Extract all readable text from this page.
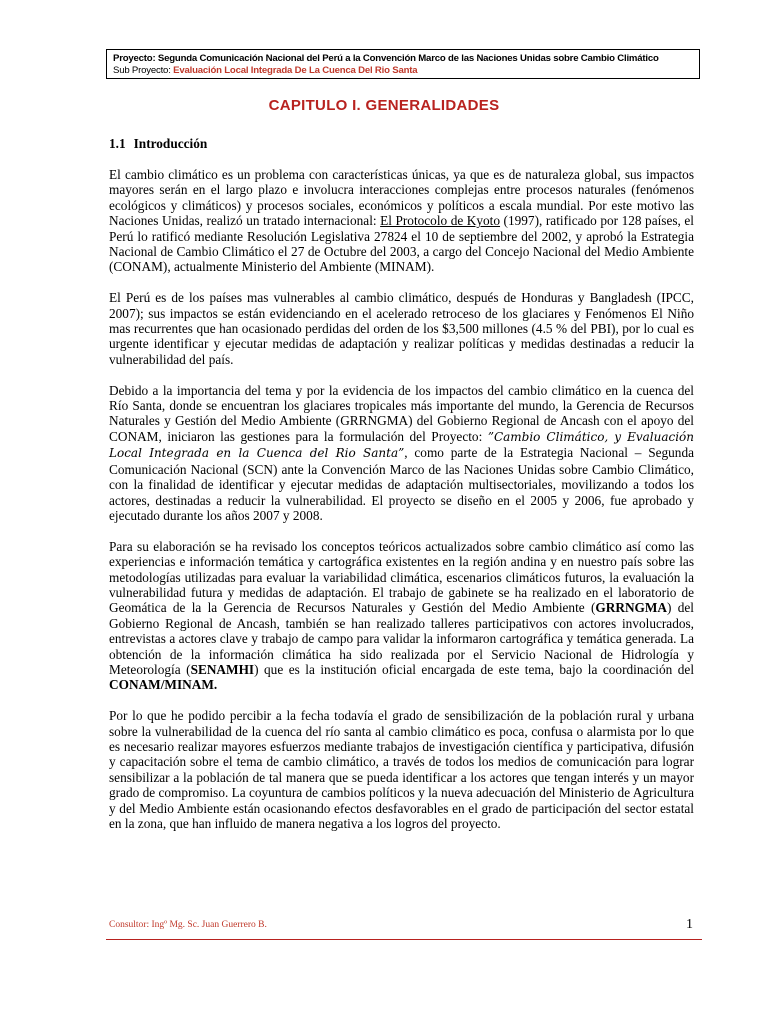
Proyecto: Segunda Comunicación Nacional del Perú a la Convención Marco de las Naciones Unidas sobre Cambio Climático
Sub Proyecto: Evaluación Local Integrada De La Cuenca Del Rio Santa
CAPITULO I. GENERALIDADES
1.1 Introducción

El cambio climático es un problema con características únicas, ya que es de naturaleza global, sus impactos mayores serán en el largo plazo e involucra interacciones complejas entre procesos naturales (fenómenos ecológicos y climáticos) y procesos sociales, económicos y políticos a escala mundial. Por este motivo las Naciones Unidas, realizó un tratado internacional: El Protocolo de Kyoto (1997), ratificado por 128 países, el Perú lo ratificó mediante Resolución Legislativa 27824 el 10 de septiembre del 2002, y aprobó la Estrategia Nacional de Cambio Climático el 27 de Octubre del 2003, a cargo del Concejo Nacional del Medio Ambiente (CONAM), actualmente Ministerio del Ambiente (MINAM).

El Perú es de los países mas vulnerables al cambio climático, después de Honduras y Bangladesh (IPCC, 2007); sus impactos se están evidenciando en el acelerado retroceso de los glaciares y Fenómenos El Niño mas recurrentes que han ocasionado perdidas del orden de los $3,500 millones (4.5 % del PBI), por lo cual es urgente identificar y ejecutar medidas de adaptación y realizar políticas y medidas destinadas a reducir la vulnerabilidad del país.

Debido a la importancia del tema y por la evidencia de los impactos del cambio climático en la cuenca del Río Santa, donde se encuentran los glaciares tropicales más importante del mundo, la Gerencia de Recursos Naturales y Gestión del Medio Ambiente (GRRNGMA) del Gobierno Regional de Ancash con el apoyo del CONAM, iniciaron las gestiones para la formulación del Proyecto: ”Cambio Climático, y Evaluación Local Integrada en la Cuenca del Rio Santa”, como parte de la Estrategia Nacional – Segunda Comunicación Nacional (SCN) ante la Convención Marco de las Naciones Unidas sobre Cambio Climático, con la finalidad de identificar y ejecutar medidas de adaptación multisectoriales, movilizando a todos los actores, destinadas a reducir la vulnerabilidad. El proyecto se diseño en el 2005 y 2006, fue aprobado y ejecutado durante los años 2007 y 2008.

Para su elaboración se ha revisado los conceptos teóricos actualizados sobre cambio climático así como las experiencias e información temática y cartográfica existentes en la región andina y en nuestro país sobre las metodologías utilizadas para evaluar la variabilidad climática, escenarios climáticos futuros, la evaluación la vulnerabilidad futura y medidas de adaptación. El trabajo de gabinete se ha realizado en el laboratorio de Geomática de la la Gerencia de Recursos Naturales y Gestión del Medio Ambiente (GRRNGMA) del Gobierno Regional de Ancash, también se han realizado talleres participativos con actores involucrados, entrevistas a actores clave y trabajo de campo para validar la informaron cartográfica y temática generada. La obtención de la información climática ha sido realizada por el Servicio Nacional de Hidrología y Meteorología (SENAMHI) que es la institución oficial encargada de este tema, bajo la coordinación del CONAM/MINAM.

Por lo que he podido percibir a la fecha todavía el grado de sensibilización de la población rural y urbana sobre la vulnerabilidad de la cuenca del río santa al cambio climático es poca, confusa o alarmista por lo que es necesario realizar mayores esfuerzos mediante trabajos de investigación científica y participativa, difusión y capacitación sobre el tema de cambio climático, a través de todos los medios de comunicación para lograr sensibilizar a la población de tal manera que se pueda identificar a los actores que tengan interés y un mayor grado de compromiso. La coyuntura de cambios políticos y la nueva adecuación del Ministerio de Agricultura y del Medio Ambiente están ocasionando efectos desfavorables en el grado de participación del sector estatal en la zona, que han influido de manera negativa a los logros del proyecto.

Consultor: Ingº Mg. Sc. Juan Guerrero B.	1
